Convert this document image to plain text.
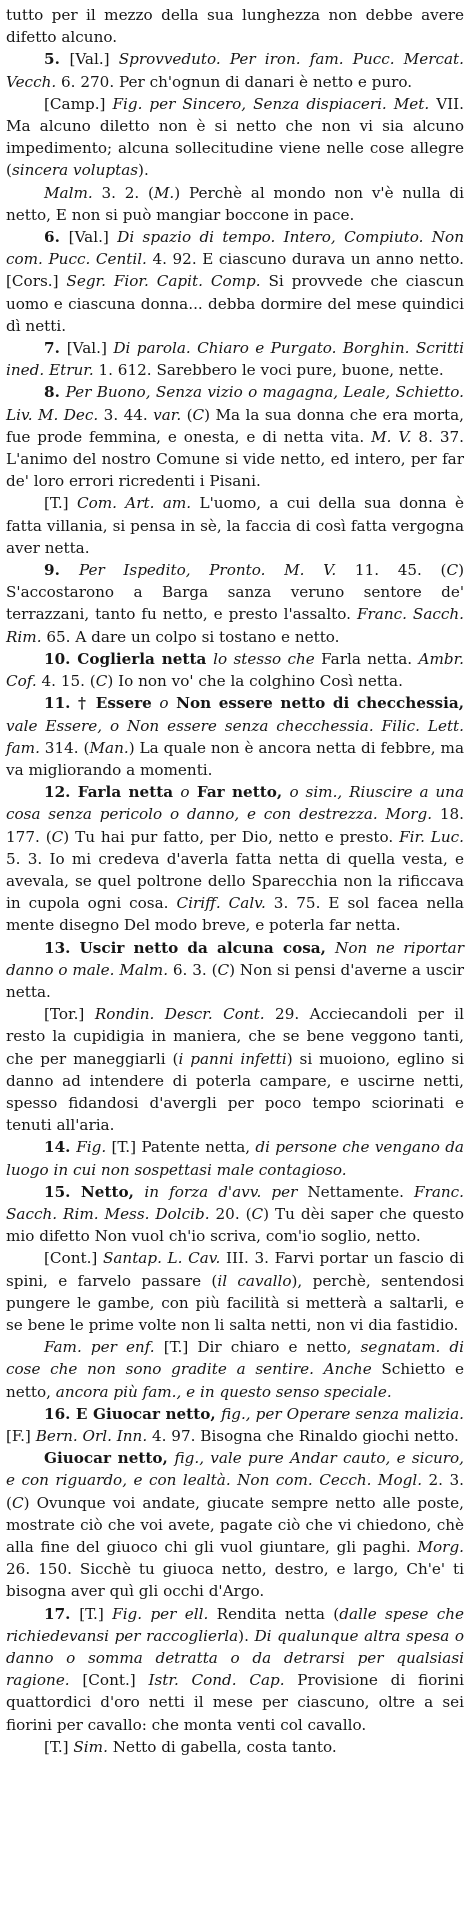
tutto per il mezzo della sua lunghezza non debbe avere difetto alcuno.

5. [Val.] Sprovveduto. Per iron. fam. Pucc. Mercat. Vecch. 6. 270. Per ch'ognun di danari è netto e puro.

[Camp.] Fig. per Sincero, Senza dispiaceri. Met. VII. Ma alcuno diletto non è si netto che non vi sia alcuno impedimento; alcuna sollecitudine viene nelle cose allegre (sincera voluptas).

Malm. 3. 2. (M.) Perchè al mondo non v'è nulla di netto, E non si può mangiar boccone in pace.

6. [Val.] Di spazio di tempo. Intero, Compiuto. Non com. Pucc. Centil. 4. 92. E ciascuno durava un anno netto. [Cors.] Segr. Fior. Capit. Comp. Si provvede che ciascun uomo e ciascuna donna... debba dormire del mese quindici dì netti.

7. [Val.] Di parola. Chiaro e Purgato. Borghin. Scritti ined. Etrur. 1. 612. Sarebbero le voci pure, buone, nette.

8. Per Buono, Senza vizio o magagna, Leale, Schietto. Liv. M. Dec. 3. 44. var. (C) Ma la sua donna che era morta, fue prode femmina, e onesta, e di netta vita. M. V. 8. 37. L'animo del nostro Comune si vide netto, ed intero, per far de' loro errori ricredenti i Pisani.

[T.] Com. Art. am. L'uomo, a cui della sua donna è fatta villania, si pensa in sè, la faccia di così fatta vergogna aver netta.

9. Per Ispedito, Pronto. M. V. 11. 45. (C) S'accostarono a Barga sanza veruno sentore de' terrazzani, tanto fu netto, e presto l'assalto. Franc. Sacch. Rim. 65. A dare un colpo si tostano e netto.

10. Coglierla netta lo stesso che Farla netta. Ambr. Cof. 4. 15. (C) Io non vo' che la colghino Così netta.

11. † Essere o Non essere netto di checchessia, vale Essere, o Non essere senza checchessia. Filic. Lett. fam. 314. (Man.) La quale non è ancora netta di febbre, ma va migliorando a momenti.

12. Farla netta o Far netto, o sim., Riuscire a una cosa senza pericolo o danno, e con destrezza. Morg. 18. 177. (C) Tu hai pur fatto, per Dio, netto e presto. Fir. Luc. 5. 3. Io mi credeva d'averla fatta netta di quella vesta, e avevala, se quel poltrone dello Sparecchia non la rificcava in cupola ogni cosa. Ciriff. Calv. 3. 75. E sol facea nella mente disegno Del modo breve, e poterla far netta.

13. Uscir netto da alcuna cosa, Non ne riportar danno o male. Malm. 6. 3. (C) Non si pensi d'averne a uscir netta.

[Tor.] Rondin. Descr. Cont. 29. Acciecandoli per il resto la cupidigia in maniera, che se bene veggono tanti, che per maneggiarli (i panni infetti) si muoiono, eglino si danno ad intendere di poterla campare, e uscirne netti, spesso fidandosi d'avergli per poco tempo sciorinati e tenuti all'aria.

14. Fig. [T.] Patente netta, di persone che vengano da luogo in cui non sospettasi male contagioso.

15. Netto, in forza d'avv. per Nettamente. Franc. Sacch. Rim. Mess. Dolcib. 20. (C) Tu dèi saper che questo mio difetto Non vuol ch'io scriva, com'io soglio, netto.

[Cont.] Santap. L. Cav. III. 3. Farvi portar un fascio di spini, e farvelo passare (il cavallo), perchè, sentendosi pungere le gambe, con più facilità si metterà a saltarli, e se bene le prime volte non li salta netti, non vi dia fastidio.

Fam. per enf. [T.] Dir chiaro e netto, segnatam. di cose che non sono gradite a sentire. Anche Schietto e netto, ancora più fam., e in questo senso speciale.

16. E Giuocar netto, fig., per Operare senza malizia. [F.] Bern. Orl. Inn. 4. 97. Bisogna che Rinaldo giochi netto.

Giuocar netto, fig., vale pure Andar cauto, e sicuro, e con riguardo, e con lealtà. Non com. Cecch. Mogl. 2. 3. (C) Ovunque voi andate, giucate sempre netto alle poste, mostrate ciò che voi avete, pagate ciò che vi chiedono, chè alla fine del giuoco chi gli vuol giuntare, gli paghi. Morg. 26. 150. Sicchè tu giuoca netto, destro, e largo, Ch'e' ti bisogna aver quì gli occhi d'Argo.

17. [T.] Fig. per ell. Rendita netta (dalle spese che richiedevansi per raccoglierla). Di qualunque altra spesa o danno o somma detratta o da detrarsi per qualsiasi ragione. [Cont.] Istr. Cond. Cap. Provisione di fiorini quattordici d'oro netti il mese per ciascuno, oltre a sei fiorini per cavallo: che monta venti col cavallo.

[T.] Sim. Netto di gabella, costa tanto.
